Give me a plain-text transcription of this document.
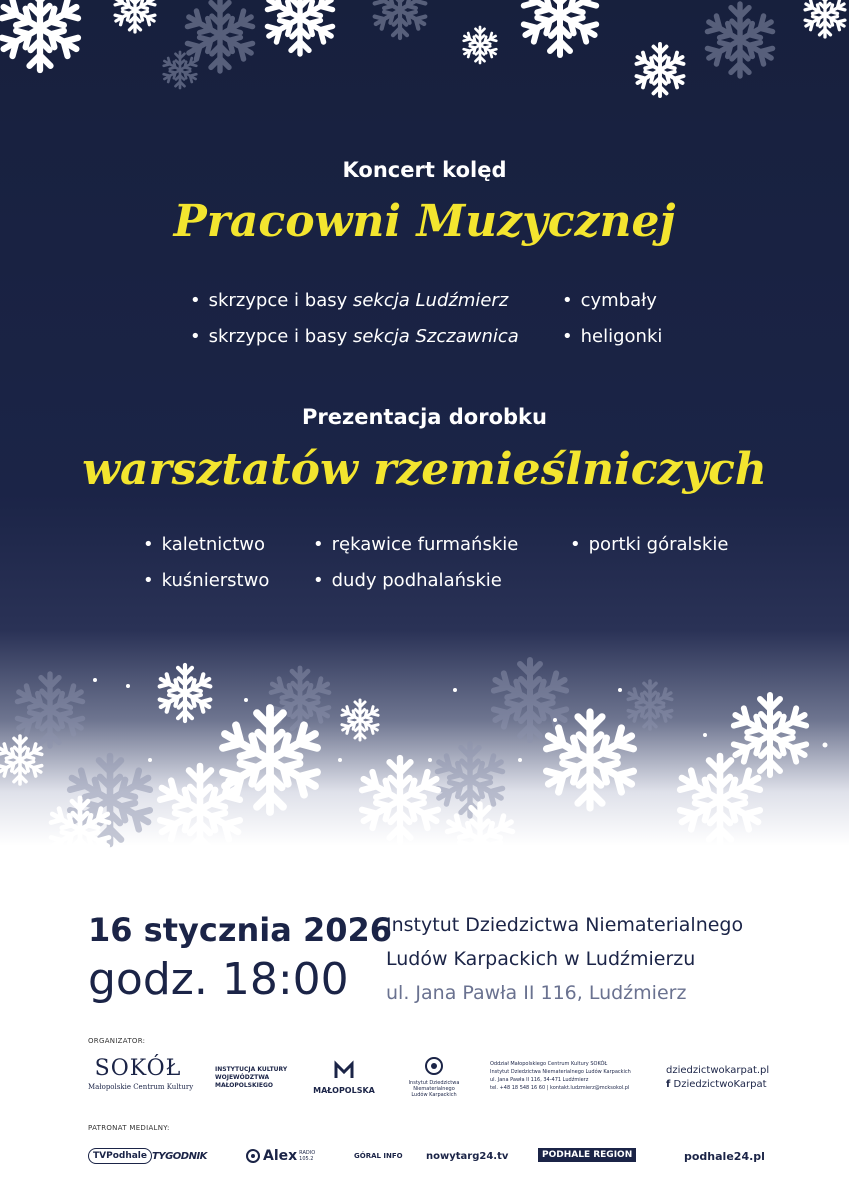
Koncert kolęd
Pracowni Muzycznej
• skrzypce i basy sekcja Ludźmierz
• skrzypce i basy sekcja Szczawnica
• cymbały
• heligonki
Prezentacja dorobku
warsztatów rzemieślniczych
• kaletnictwo
• kuśnierstwo
• rękawice furmańskie
• dudy podhalańskie
• portki góralskie
16 stycznia 2026
godz. 18:00
Instytut Dziedzictwa Niematerialnego
Ludów Karpackich w Ludźmierzu
ul. Jana Pawła II 116, Ludźmierz
ORGANIZATOR:
SOKÓŁ
Małopolskie Centrum Kultury
INSTYTUCJA KULTURY
WOJEWÓDZTWA
MAŁOPOLSKIEGO
MAŁOPOLSKA
Instytut Dziedzictwa
Niematerialnego
Ludów Karpackich
Oddział Małopolskiego Centrum Kultury SOKÓŁ
Instytut Dziedzictwa Niematerialnego Ludów Karpackich
ul. Jana Pawła II 116, 34-471 Ludźmierz
tel. +48 18 548 16 60 | kontakt.ludzmierz@mcksokol.pl
dziedzictwokarpat.pl
f DziedzictwoKarpat
PATRONAT MEDIALNY:
TVPodhale TYGODNIK	Alex RADIO 105.2	GÓRAL INFO nowytarg24.tv	PODHALE REGION	podhale24.pl
